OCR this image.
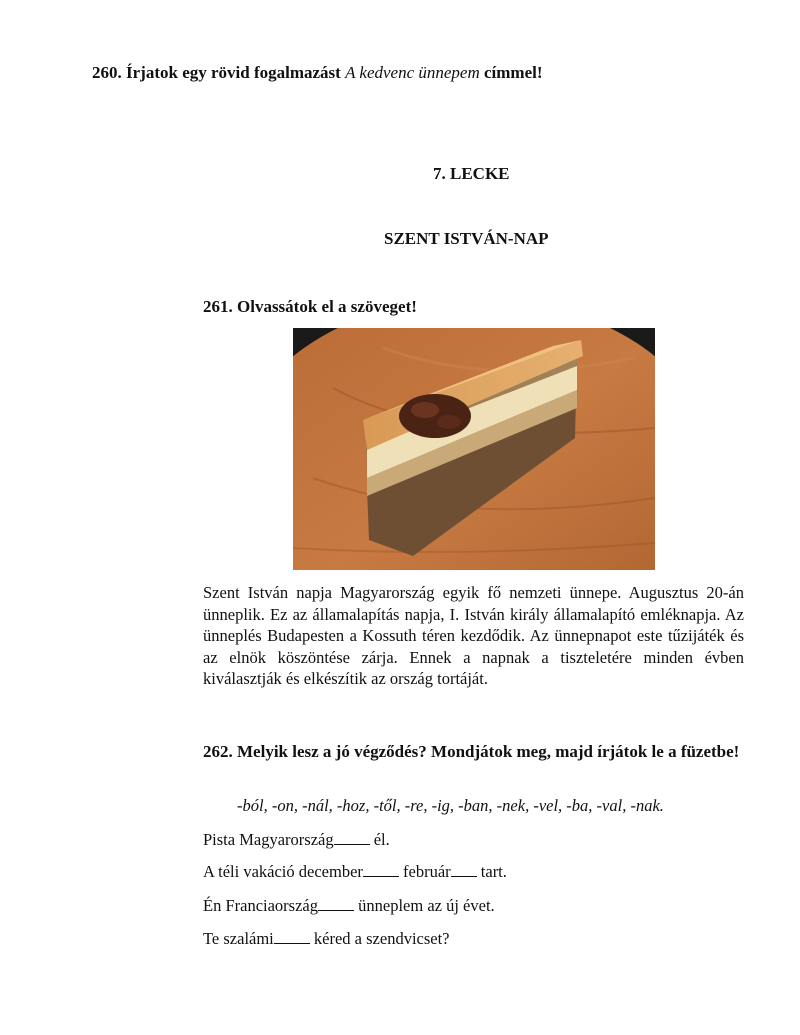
260. Írjatok egy rövid fogalmazást A kedvenc ünnepem címmel!
7. LECKE
SZENT ISTVÁN-NAP
261. Olvassátok el a szöveget!

Szent István napja Magyarország egyik fő nemzeti ünnepe. Augusztus 20-án ünneplik. Ez az államalapítás napja, I. István király államalapító emléknapja. Az ünneplés Budapesten a Kossuth téren kezdődik. Az ünnepnapot este tűzijáték és az elnök köszöntése zárja. Ennek a napnak a tiszteletére minden évben kiválasztják és elkészítik az ország tortáját.

262. Melyik lesz a jó végződés? Mondjátok meg, majd írjátok le a füzetbe!

-ból, -on, -nál, -hoz, -től, -re, -ig, -ban, -nek, -vel, -ba, -val, -nak.
Pista Magyarország él.
A téli vakáció december február tart.
Én Franciaország ünneplem az új évet.
Te szalámi kéred a szendvicset?
